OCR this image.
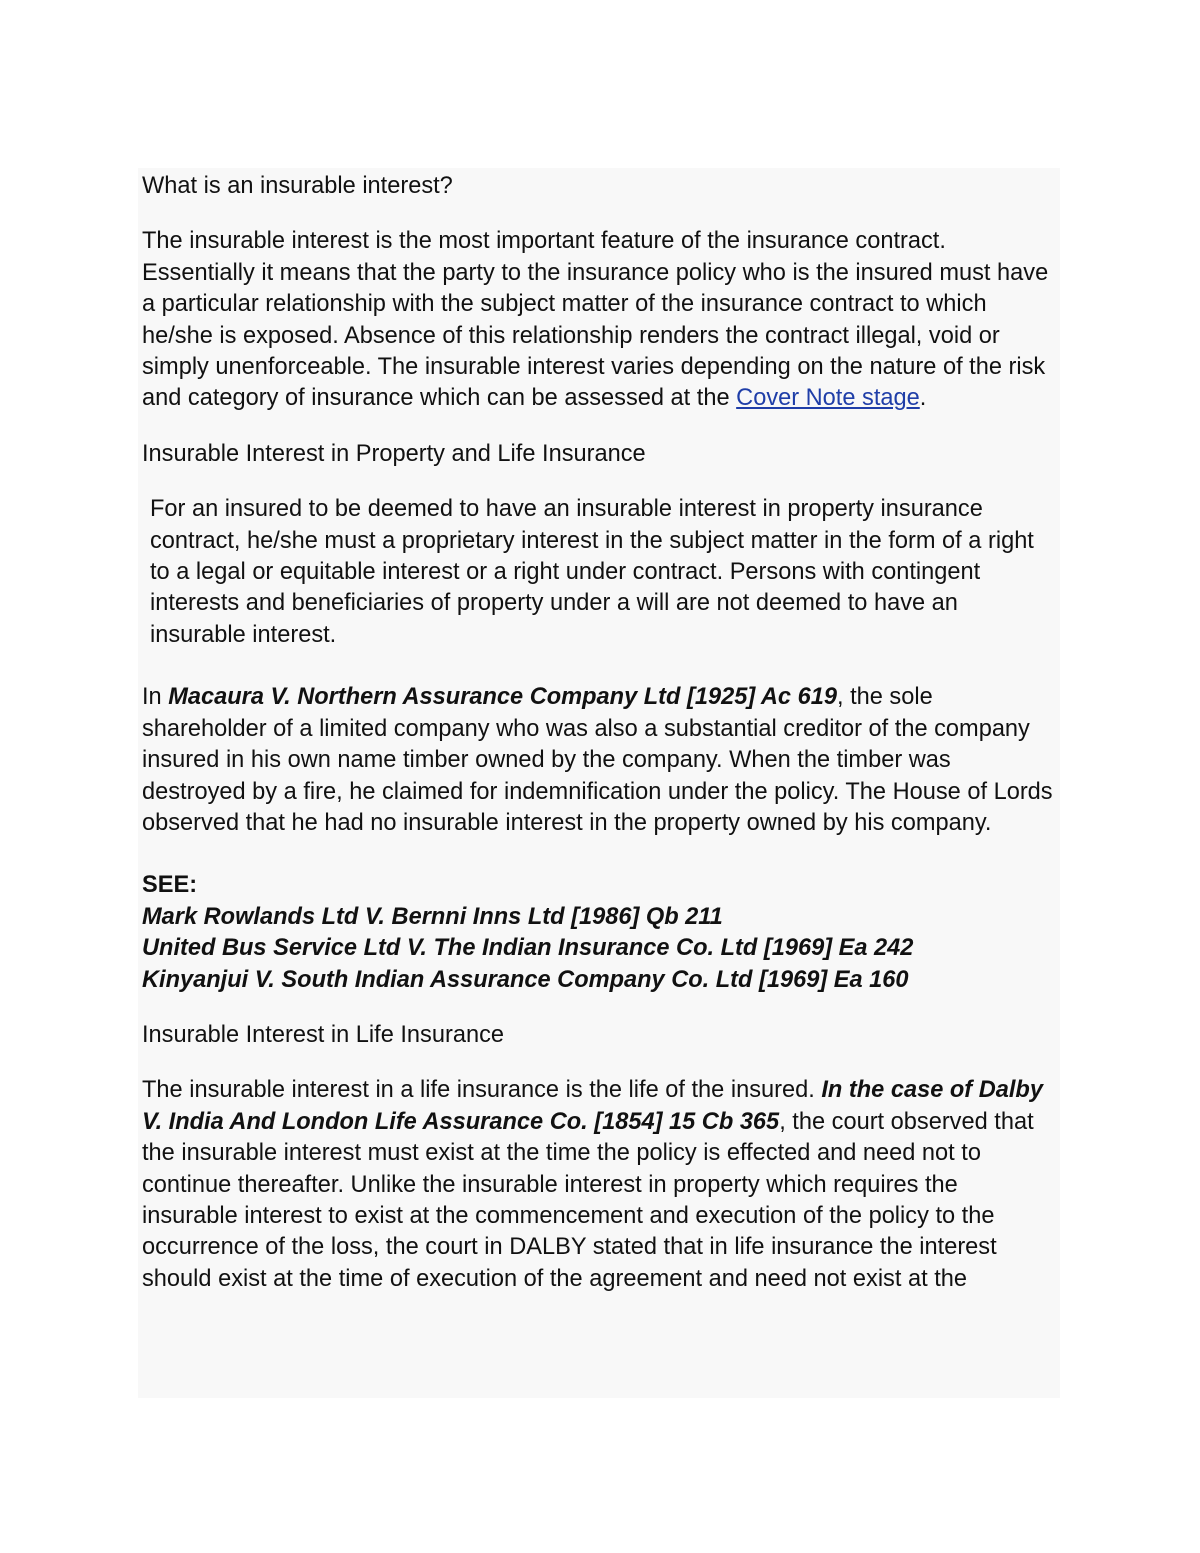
What is an insurable interest?

The insurable interest is the most important feature of the insurance contract. Essentially it means that the party to the insurance policy who is the insured must have a particular relationship with the subject matter of the insurance contract to which he/she is exposed. Absence of this relationship renders the contract illegal, void or simply unenforceable. The insurable interest varies depending on the nature of the risk and category of insurance which can be assessed at the Cover Note stage.

Insurable Interest in Property and Life Insurance

For an insured to be deemed to have an insurable interest in property insurance contract, he/she must a proprietary interest in the subject matter in the form of a right to a legal or equitable interest or a right under contract. Persons with contingent interests and beneficiaries of property under a will are not deemed to have an insurable interest.

In Macaura V. Northern Assurance Company Ltd [1925] Ac 619, the sole shareholder of a limited company who was also a substantial creditor of the company insured in his own name timber owned by the company. When the timber was destroyed by a fire, he claimed for indemnification under the policy. The House of Lords observed that he had no insurable interest in the property owned by his company.

SEE:

Mark Rowlands Ltd V. Bernni Inns Ltd [1986] Qb 211

United Bus Service Ltd V. The Indian Insurance Co. Ltd [1969] Ea 242

Kinyanjui V. South Indian Assurance Company Co. Ltd [1969] Ea 160

Insurable Interest in Life Insurance

The insurable interest in a life insurance is the life of the insured. In the case of Dalby V. India And London Life Assurance Co. [1854] 15 Cb 365, the court observed that the insurable interest must exist at the time the policy is effected and need not to continue thereafter. Unlike the insurable interest in property which requires the insurable interest to exist at the commencement and execution of the policy to the occurrence of the loss, the court in DALBY stated that in life insurance the interest should exist at the time of execution of the agreement and need not exist at the
